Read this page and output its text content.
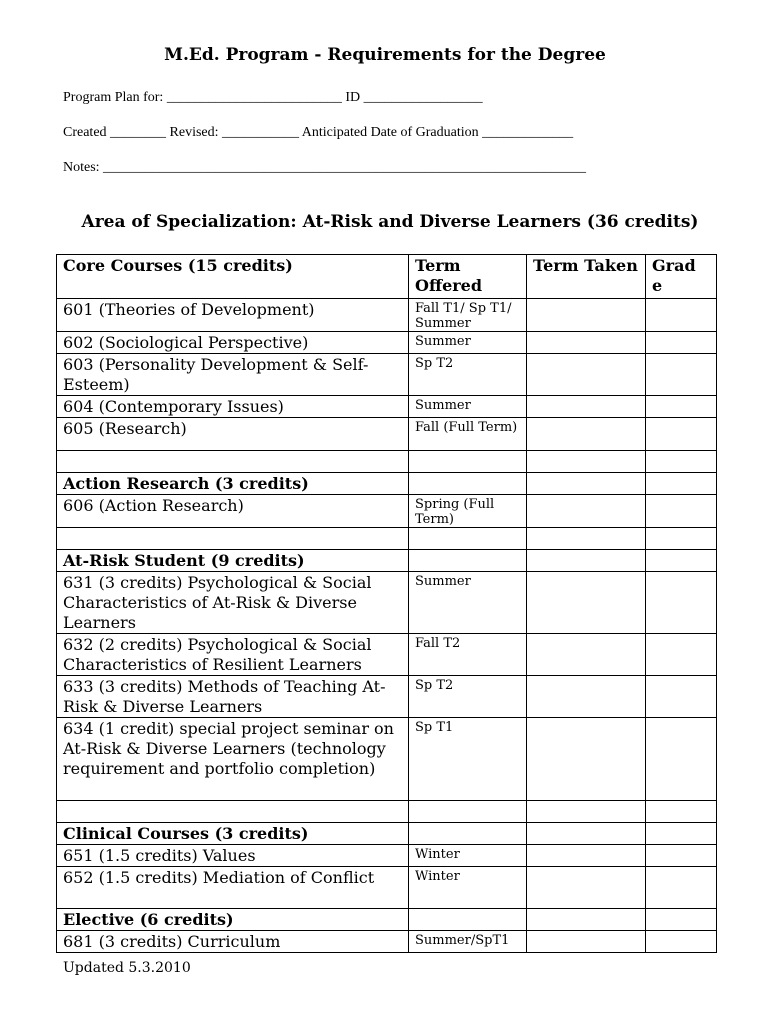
M.Ed. Program - Requirements for the Degree
Program Plan for: _________________________ ID _________________
Created ________ Revised: ___________ Anticipated Date of Graduation _____________
Notes: _____________________________________________________________________
Area of Specialization: At-Risk and Diverse Learners (36 credits)
Core Courses (15 credits)	Term Offered	Term Taken	Grad e
601 (Theories of Development)	Fall T1/ Sp T1/ Summer		
602 (Sociological Perspective)	Summer		
603 (Personality Development & Self-Esteem)	Sp T2		
604 (Contemporary Issues)	Summer		
605 (Research)	Fall (Full Term)		

Action Research (3 credits)			
606 (Action Research)	Spring (Full Term)		

At-Risk Student (9 credits)			
631 (3 credits) Psychological & Social Characteristics of At-Risk & Diverse Learners	Summer		
632 (2 credits) Psychological & Social Characteristics of Resilient Learners	Fall T2		
633 (3 credits) Methods of Teaching At-Risk & Diverse Learners	Sp T2		
634 (1 credit) special project seminar on At-Risk & Diverse Learners (technology requirement and portfolio completion)	Sp T1		

Clinical Courses (3 credits)			
651 (1.5 credits) Values	Winter		
652 (1.5 credits) Mediation of Conflict	Winter		
Elective (6 credits)			
681 (3 credits) Curriculum	Summer/SpT1		
Updated 5.3.2010
